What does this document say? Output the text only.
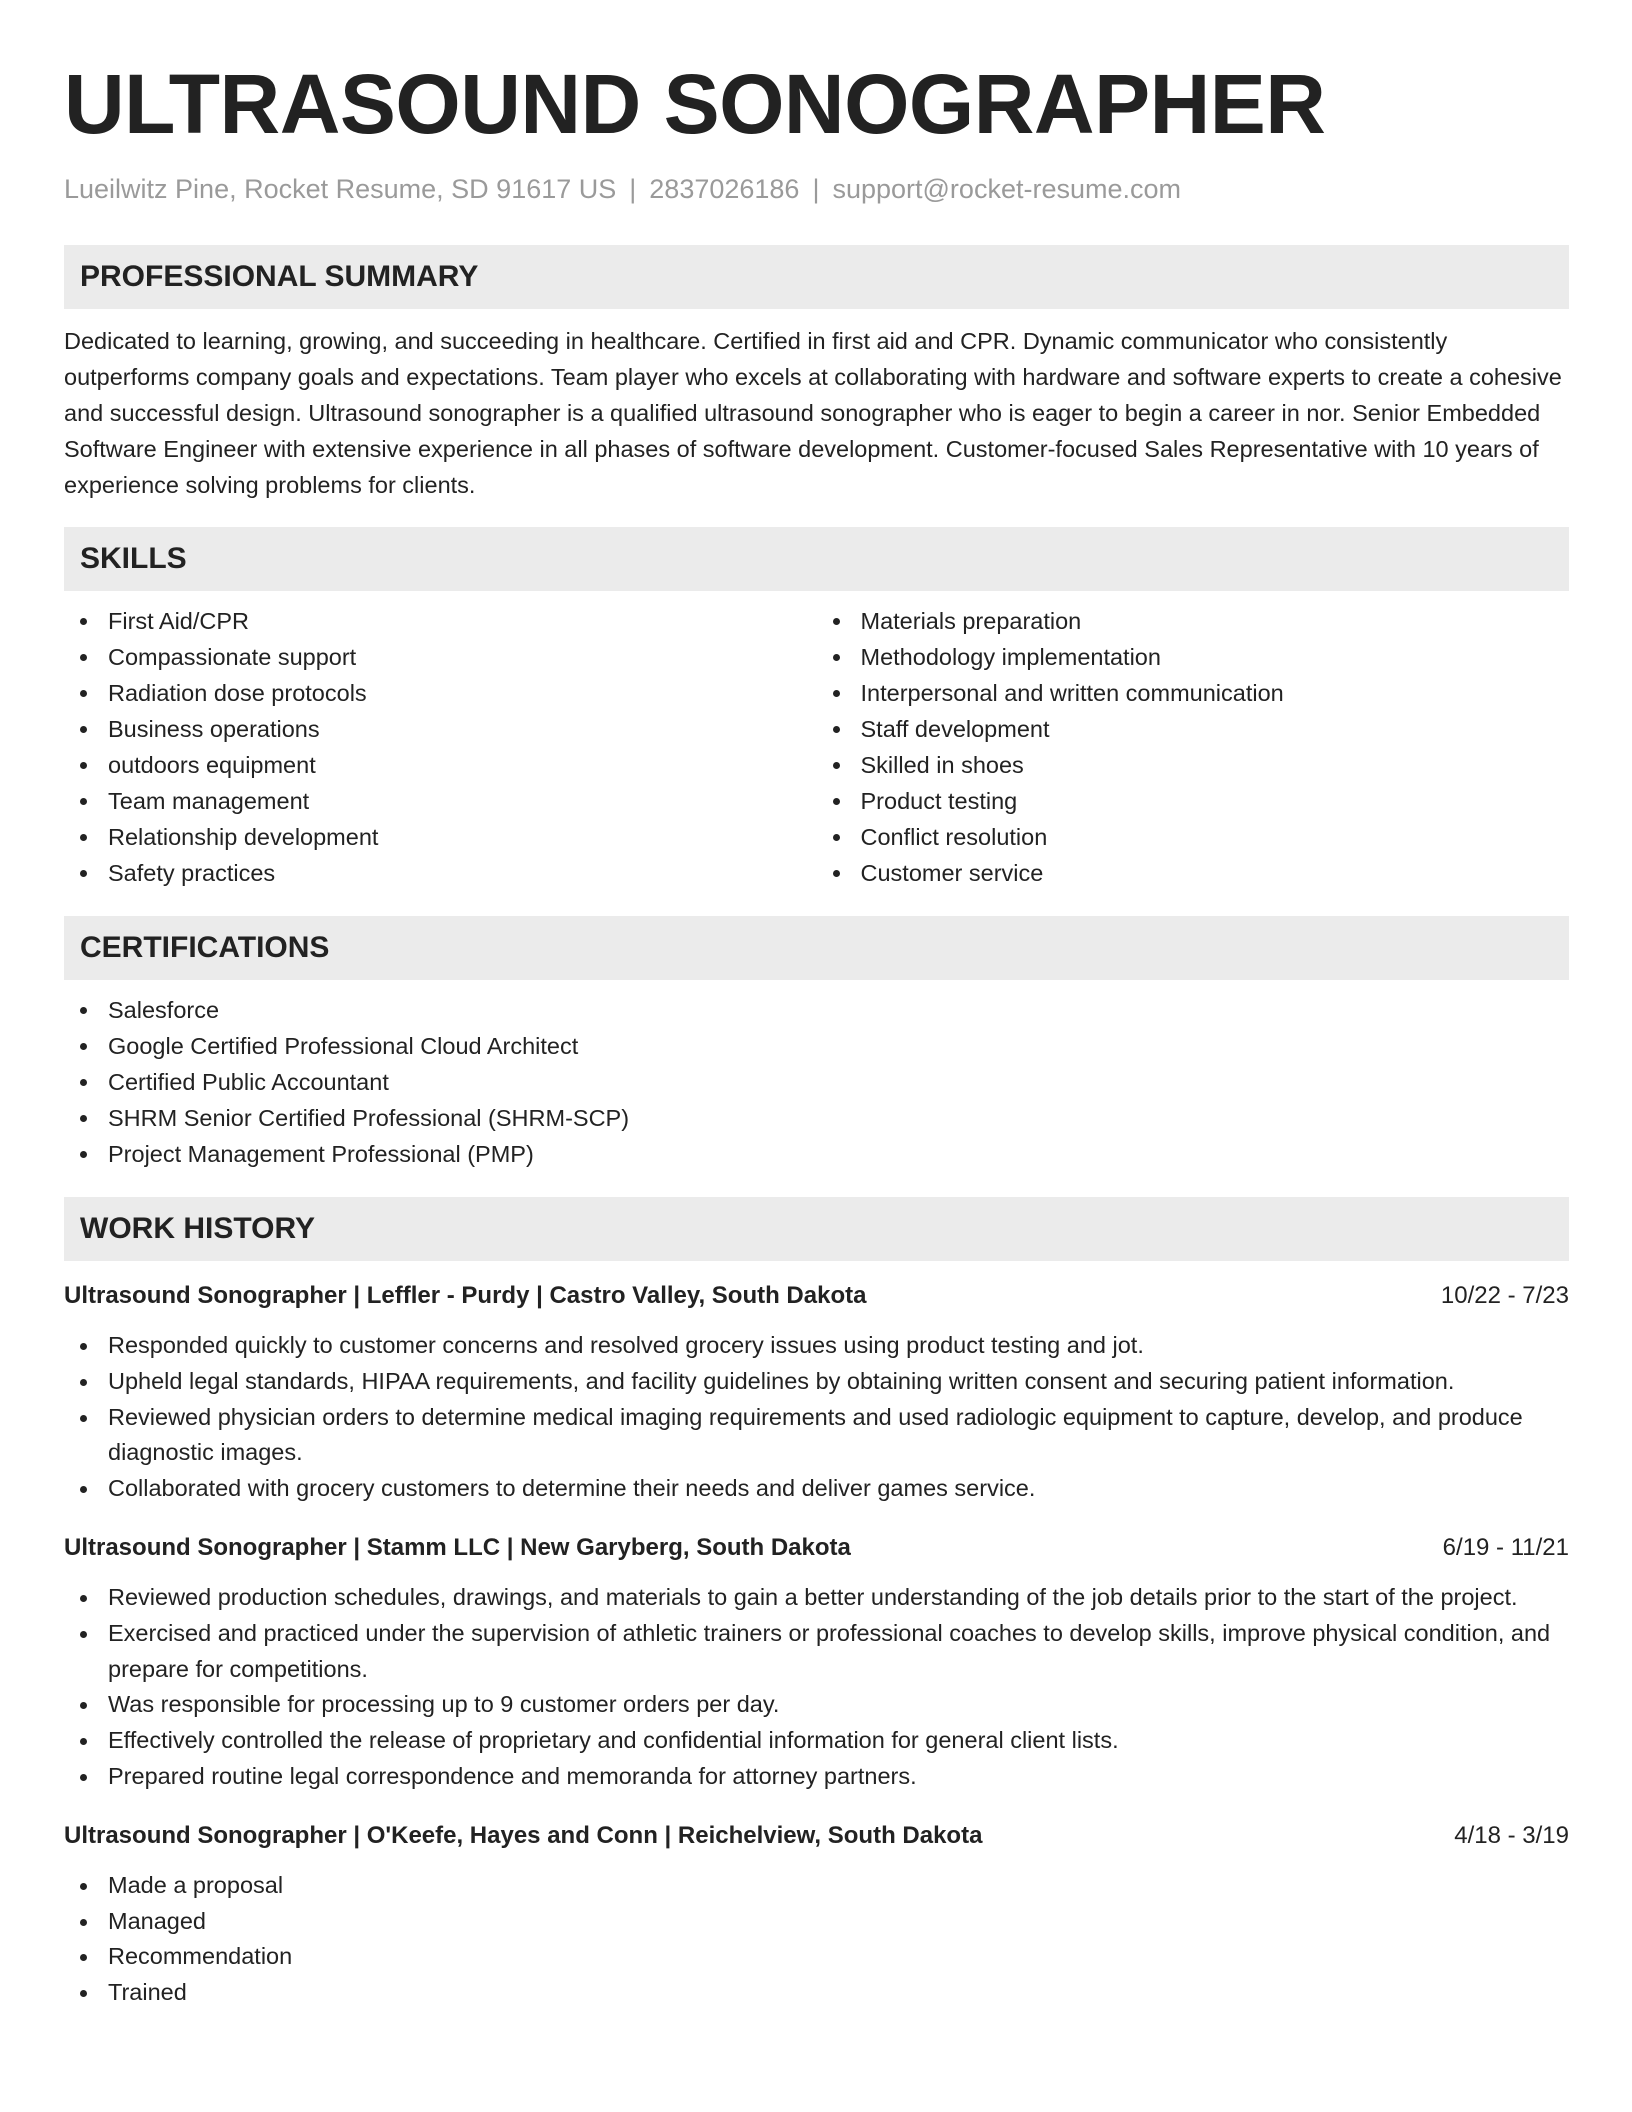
ULTRASOUND SONOGRAPHER
Lueilwitz Pine, Rocket Resume, SD 91617 US | 2837026186 | support@rocket-resume.com
PROFESSIONAL SUMMARY

Dedicated to learning, growing, and succeeding in healthcare. Certified in first aid and CPR. Dynamic communicator who consistently outperforms company goals and expectations. Team player who excels at collaborating with hardware and software experts to create a cohesive and successful design. Ultrasound sonographer is a qualified ultrasound sonographer who is eager to begin a career in nor. Senior Embedded Software Engineer with extensive experience in all phases of software development. Customer-focused Sales Representative with 10 years of experience solving problems for clients.

SKILLS
First Aid/CPR
Compassionate support
Radiation dose protocols
Business operations
outdoors equipment
Team management
Relationship development
Safety practices
Materials preparation
Methodology implementation
Interpersonal and written communication
Staff development
Skilled in shoes
Product testing
Conflict resolution
Customer service
CERTIFICATIONS
Salesforce
Google Certified Professional Cloud Architect
Certified Public Accountant
SHRM Senior Certified Professional (SHRM-SCP)
Project Management Professional (PMP)
WORK HISTORY
Ultrasound Sonographer | Leffler - Purdy | Castro Valley, South Dakota	10/22 - 7/23
Responded quickly to customer concerns and resolved grocery issues using product testing and jot.
Upheld legal standards, HIPAA requirements, and facility guidelines by obtaining written consent and securing patient information.
Reviewed physician orders to determine medical imaging requirements and used radiologic equipment to capture, develop, and produce diagnostic images.
Collaborated with grocery customers to determine their needs and deliver games service.
Ultrasound Sonographer | Stamm LLC | New Garyberg, South Dakota	6/19 - 11/21
Reviewed production schedules, drawings, and materials to gain a better understanding of the job details prior to the start of the project.
Exercised and practiced under the supervision of athletic trainers or professional coaches to develop skills, improve physical condition, and prepare for competitions.
Was responsible for processing up to 9 customer orders per day.
Effectively controlled the release of proprietary and confidential information for general client lists.
Prepared routine legal correspondence and memoranda for attorney partners.
Ultrasound Sonographer | O'Keefe, Hayes and Conn | Reichelview, South Dakota	4/18 - 3/19
Made a proposal
Managed
Recommendation
Trained
